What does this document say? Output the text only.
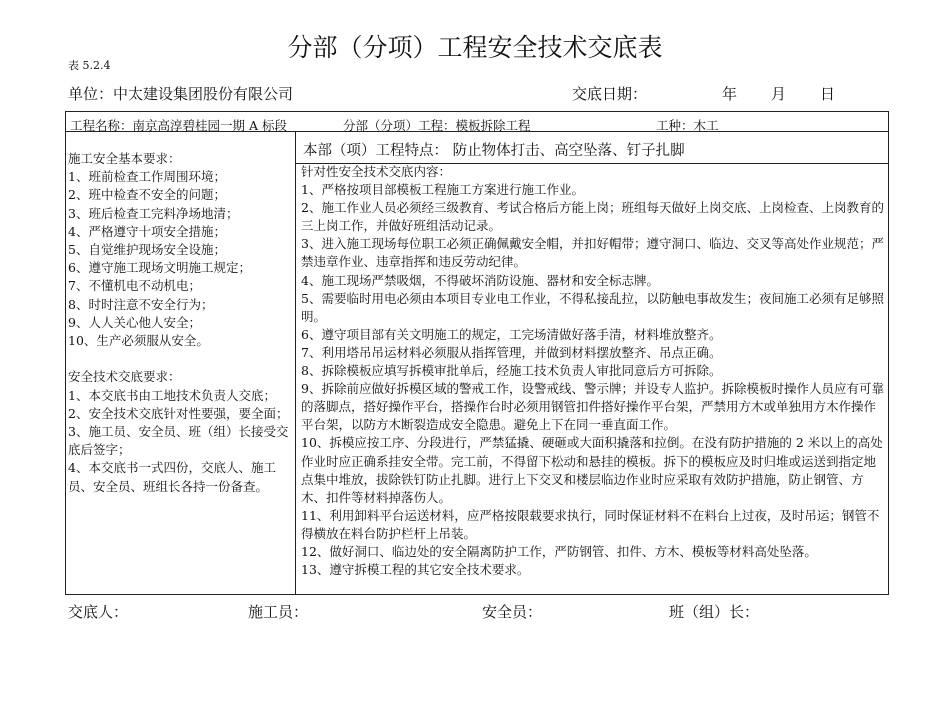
分部（分项）工程安全技术交底表
表 5.2.4
单位：中太建设集团股份有限公司	交底日期：	年 月 日
工程名称：南京高淳碧桂园一期 A 标段	分部（分项）工程：模板拆除工程	工种：木工
施工安全基本要求：
1、班前检查工作周围环境；
2、班中检查不安全的问题；
3、班后检查工完料净场地清；
4、严格遵守十项安全措施；
5、自觉维护现场安全设施；
6、遵守施工现场文明施工规定；
7、不懂机电不动机电；
8、时时注意不安全行为；
9、人人关心他人安全；
10、生产必须服从安全。
安全技术交底要求：
1、本交底书由工地技术负责人交底；
2、安全技术交底针对性要强，要全面；
3、施工员、安全员、班（组）长接受交底后签字；
4、本交底书一式四份，交底人、施工员、安全员、班组长各持一份备查。
本部（项）工程特点： 防止物体打击、高空坠落、钉子扎脚
针对性安全技术交底内容：
1、严格按项目部模板工程施工方案进行施工作业。
2、施工作业人员必须经三级教育、考试合格后方能上岗；班组每天做好上岗交底、上岗检查、上岗教育的三上岗工作，并做好班组活动记录。
3、进入施工现场每位职工必须正确佩戴安全帽，并扣好帽带；遵守洞口、临边、交叉等高处作业规范；严禁违章作业、违章指挥和违反劳动纪律。
4、施工现场严禁吸烟，不得破坏消防设施、器材和安全标志牌。
5、需要临时用电必须由本项目专业电工作业，不得私接乱拉，以防触电事故发生；夜间施工必须有足够照明。
6、遵守项目部有关文明施工的规定，工完场清做好落手清，材料堆放整齐。
7、利用塔吊吊运材料必须服从指挥管理，并做到材料摆放整齐、吊点正确。
8、拆除模板应填写拆模审批单后，经施工技术负责人审批同意后方可拆除。
9、拆除前应做好拆模区域的警戒工作，设警戒线、警示牌；并设专人监护。拆除模板时操作人员应有可靠的落脚点，搭好操作平台，搭操作台时必须用钢管扣件搭好操作平台架，严禁用方木或单独用方木作操作平台架，以防方木断裂造成安全隐患。避免上下在同一垂直面工作。
10、拆模应按工序、分段进行，严禁猛撬、硬砸或大面积撬落和拉倒。在没有防护措施的 2 米以上的高处作业时应正确系挂安全带。完工前，不得留下松动和悬挂的模板。拆下的模板应及时归堆或运送到指定地点集中堆放，拔除铁钉防止扎脚。进行上下交叉和楼层临边作业时应采取有效防护措施，防止钢管、方木、扣件等材料掉落伤人。
11、利用卸料平台运送材料，应严格按限载要求执行，同时保证材料不在料台上过夜，及时吊运；钢管不得横放在料台防护栏杆上吊装。
12、做好洞口、临边处的安全隔离防护工作，严防钢管、扣件、方木、模板等材料高处坠落。
13、遵守拆模工程的其它安全技术要求。
交底人：	施工员：	安全员：	班（组）长：
